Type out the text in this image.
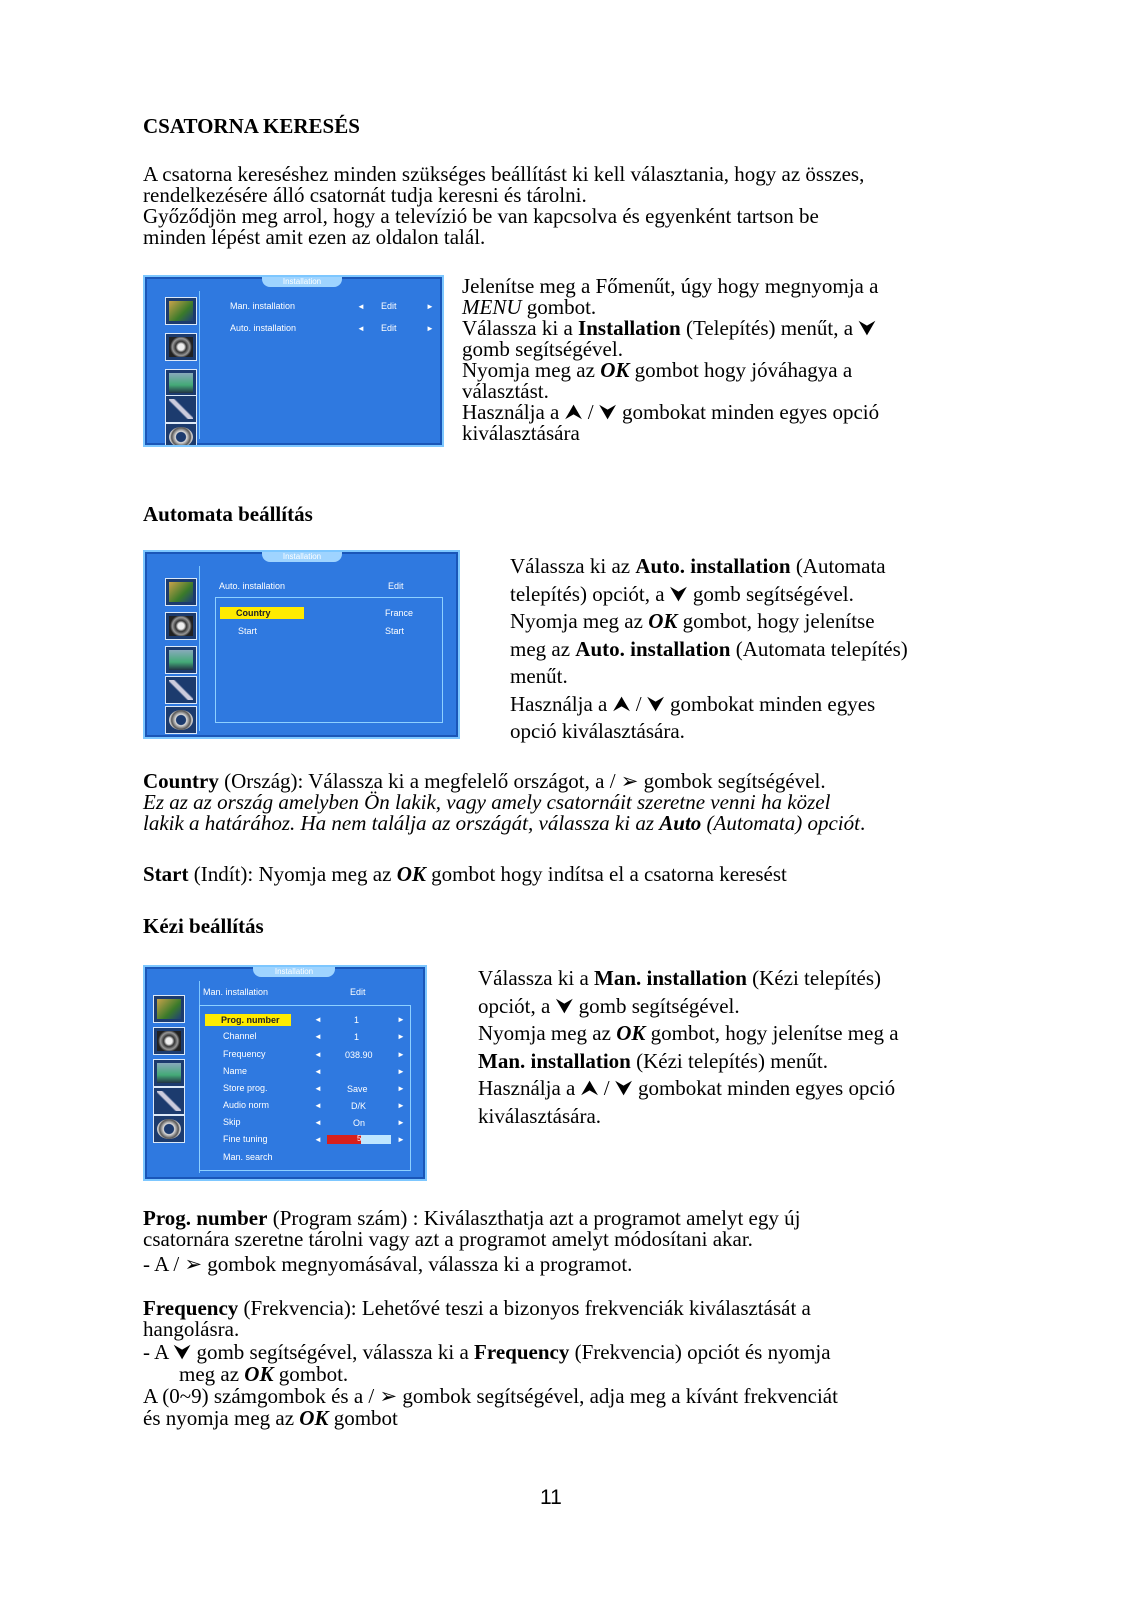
CSATORNA KERESÉS
A csatorna kereséshez minden szükséges beállítást ki kell választania, hogy az összes,
rendelkezésére álló csatornát tudja keresni és tárolni.
Győződjön meg arrol, hogy a televízió be van kapcsolva és egyenként tartson be
minden lépést amit ezen az oldalon talál.
Installation
Man. installation	◄ Edit	►
Auto. installation	◄ Edit	►
Jelenítse meg a Főmenűt, úgy hogy megnyomja a
MENU gombot.
Válassza ki a Installation (Telepítés) menűt, a ⮟
gomb segítségével.
Nyomja meg az OK gombot hogy jóváhagya a
választást.
Használja a ⮝ / ⮟ gombokat minden egyes opció
kiválasztására
Automata beállítás
Installation
Auto. installation	Edit
Country	France
Start	Start
Válassza ki az Auto. installation (Automata
telepítés) opciót, a ⮟ gomb segítségével.
Nyomja meg az OK gombot, hogy jelenítse
meg az Auto. installation (Automata telepítés)
menűt.
Használja a ⮝ / ⮟ gombokat minden egyes
opció kiválasztására.
Country (Ország): Válassza ki a megfelelő országot, a / ➢ gombok segítségével.
Ez az az ország amelyben Ön lakik, vagy amely csatornáit szeretne venni ha közel
lakik a határához. Ha nem találja az országát, válassza ki az Auto (Automata) opciót.
Start (Indít): Nyomja meg az OK gombot hogy indítsa el a csatorna keresést
Kézi beállítás
Installation
Man. installation	Edit
Prog. number	◄	1	►
Channel	◄	1	►
Frequency	◄	038.90	►
Name	◄	►
Store prog.	◄	Save	►
Audio norm	◄	D/K	►
Skip	◄	On	►
Fine tuning	◄	5	►
Man. search
Válassza ki a Man. installation (Kézi telepítés)
opciót, a ⮟ gomb segítségével.
Nyomja meg az OK gombot, hogy jelenítse meg a
Man. installation (Kézi telepítés) menűt.
Használja a ⮝ / ⮟ gombokat minden egyes opció
kiválasztására.
Prog. number (Program szám) : Kiválaszthatja azt a programot amelyt egy új
csatornára szeretne tárolni vagy azt a programot amelyt módosítani akar.
- A / ➢ gombok megnyomásával, válassza ki a programot.
Frequency (Frekvencia): Lehetővé teszi a bizonyos frekvenciák kiválasztását a
hangolásra.
- A ⮟ gomb segítségével, válassza ki a Frequency (Frekvencia) opciót és nyomja
meg az OK gombot.
A (0~9) számgombok és a / ➢ gombok segítségével, adja meg a kívánt frekvenciát
és nyomja meg az OK gombot
11
